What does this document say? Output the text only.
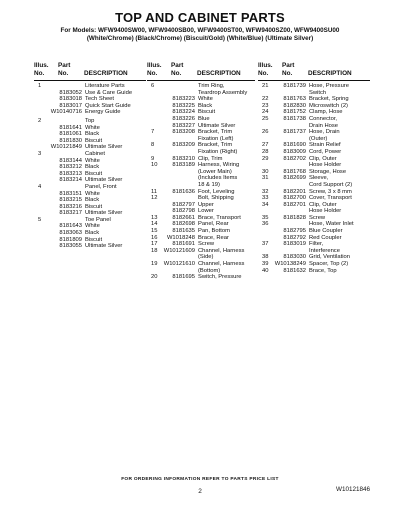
TOP AND CABINET PARTS
For Models: WFW9400SW00, WFW9400SB00, WFW9400ST00, WFW9400SZ00, WFW9400SU00
(White/Chrome) (Black/Chrome) (Biscuit/Gold) (White/Blue) (Ultimate Silver)
Illus.
No.
Part
No.	DESCRIPTION
1	Literature Parts
8183052 Use & Care Guide
8183018 Tech Sheet
8183017 Quick Start Guide
W10140716 Energy Guide
2	Top
8181641 White
8181061 Black
8181830 Biscuit
W10121849 Ultimate Silver
3	Cabinet
8183144 White
8183212 Black
8183213 Biscuit
8183214 Ultimate Silver
4	Panel, Front
8183151 White
8183215 Black
8183216 Biscuit
8183217 Ultimate Silver
5	Toe Panel
8181643 White
8183063 Black
8181809 Biscuit
8183055 Ultimate Silver
Illus.
No.
Part
No.	DESCRIPTION
6	Trim Ring,
Teardrop Assembly
8183223 White
8183225 Black
8183224 Biscuit
8183226 Blue
8183227 Ultimate Silver
7	8183208 Bracket, Trim
Fixation (Left)
8	8183209 Bracket, Trim
Fixation (Right)
9	8183210 Clip, Trim
10	8183189 Harness, Wiring
(Lower Main)
(Includes Items
18 & 19)
11	8181636 Foot, Leveling
12	Bolt, Shipping
8182797 Upper
8182798 Lower
13	8182661 Brace, Transport
14	8182698 Panel, Rear
15	8181635 Pan, Bottom
16	W1018248 Brace, Rear
17	8181691 Screw
18	W10121609 Channel, Harness
(Side)
19	W10121610 Channel, Harness
(Bottom)
20	8181695 Switch, Pressure
Illus.
No.
Part
No.	DESCRIPTION
21	8181739 Hose, Pressure
Switch
22	8181763 Bracket, Spring
23	8182830 Microswitch (2)
24	8181752 Clamp, Hose
25	8181738 Connector,
Drain Hose
26	8181737 Hose, Drain
(Outer)
27	8181690 Strain Relief
28	8183009 Cord, Power
29	8182702 Clip, Outer
Hose Holder
30	8181768 Storage, Hose
31	8182699 Sleeve,
Cord Support (2)
32	8182201 Screw, 3 x 8 mm
33	8182700 Cover, Transport
34	8182701 Clip, Outer
Hose Holder
35	8181828 Screw
36	Hose, Water Inlet
8182795 Blue Coupler
8182792 Red Coupler
37	8183019 Filter,
Interference
38	8183030 Grid, Ventilation
39	W10138249 Spacer, Top (2)
40	8181632 Brace, Top
FOR ORDERING INFORMATION REFER TO PARTS PRICE LIST
2	W10121846
